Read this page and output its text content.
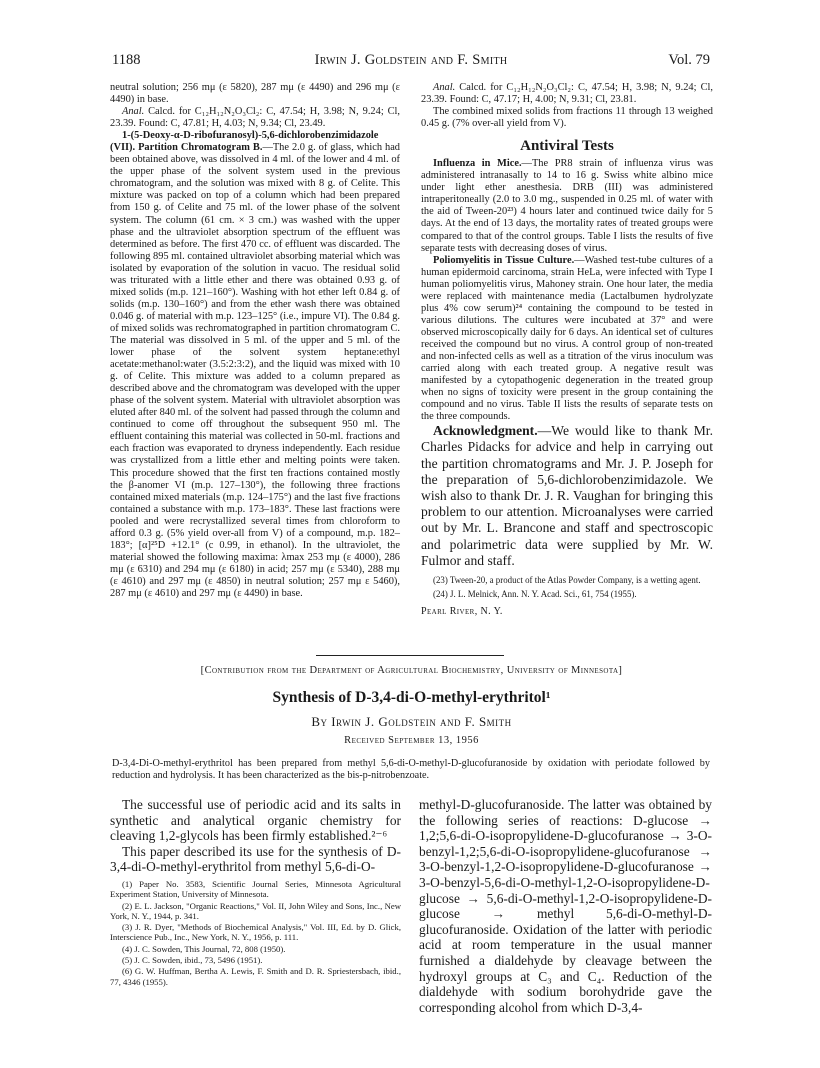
1188	Irwin J. Goldstein and F. Smith	Vol. 79

neutral solution; 256 mμ (ε 5820), 287 mμ (ε 4490) and 296 mμ (ε 4490) in base.

Anal. Calcd. for C₁₂H₁₂N₂O₃Cl₂: C, 47.54; H, 3.98; N, 9.24; Cl, 23.39. Found: C, 47.81; H, 4.03; N, 9.34; Cl, 23.49.

1-(5-Deoxy-α-D-ribofuranosyl)-5,6-dichlorobenzimidazole (VII). Partition Chromatogram B.—The 2.0 g. of glass, which had been obtained above, was dissolved in 4 ml. of the lower and 4 ml. of the upper phase of the solvent system used in the previous chromatogram, and the solution was mixed with 8 g. of Celite. This mixture was packed on top of a column which had been prepared from 150 g. of Celite and 75 ml. of the lower phase of the solvent system. The column (61 cm. × 3 cm.) was washed with the upper phase and the ultraviolet absorption spectrum of the effluent was determined as before. The first 470 cc. of effluent was discarded. The following 895 ml. contained ultraviolet absorbing material which was isolated by evaporation of the solution in vacuo. The residual solid was triturated with a little ether and there was obtained 0.93 g. of mixed solids (m.p. 121–160°). Washing with hot ether left 0.84 g. of solids (m.p. 130–160°) and from the ether wash there was obtained 0.046 g. of material with m.p. 123–125° (i.e., impure VI). The 0.84 g. of mixed solids was rechromatographed in partition chromatogram C. The material was dissolved in 5 ml. of the upper and 5 ml. of the lower phase of the solvent system heptane:ethyl acetate:methanol:water (3.5:2:3:2), and the liquid was mixed with 10 g. of Celite. This mixture was added to a column prepared as described above and the chromatogram was developed with the upper phase of the solvent system. Material with ultraviolet absorption was eluted after 840 ml. of the solvent had passed through the column and continued to come off throughout the subsequent 950 ml. The effluent containing this material was collected in 50-ml. fractions and each fraction was evaporated to dryness independently. Each residue was crystallized from a little ether and melting points were taken. This procedure showed that the first ten fractions contained mostly the β-anomer VI (m.p. 127–130°), the following three fractions contained mixed materials (m.p. 124–175°) and the last five fractions contained a substance with m.p. 173–183°. These last fractions were pooled and were recrystallized several times from chloroform to afford 0.3 g. (5% yield over-all from V) of a compound, m.p. 182–183°; [α]²⁵D +12.1° (c 0.99, in ethanol). In the ultraviolet, the material showed the following maxima: λmax 253 mμ (ε 4000), 286 mμ (ε 6310) and 294 mμ (ε 6180) in acid; 257 mμ (ε 5340), 288 mμ (ε 4610) and 297 mμ (ε 4850) in neutral solution; 257 mμ ε 5460), 287 mμ (ε 4610) and 297 mμ (ε 4490) in base.

Anal. Calcd. for C₁₂H₁₂N₂O₃Cl₂: C, 47.54; H, 3.98; N, 9.24; Cl, 23.39. Found: C, 47.17; H, 4.00; N, 9.31; Cl, 23.81.

The combined mixed solids from fractions 11 through 13 weighed 0.45 g. (7% over-all yield from V).

Antiviral Tests

Influenza in Mice.—The PR8 strain of influenza virus was administered intranasally to 14 to 16 g. Swiss white albino mice under light ether anesthesia. DRB (III) was administered intraperitoneally (2.0 to 3.0 mg., suspended in 0.25 ml. of water with the aid of Tween-20²³) 4 hours later and continued twice daily for 5 days. At the end of 13 days, the mortality rates of treated groups were compared to that of the control groups. Table I lists the results of five separate tests with decreasing doses of virus.

Poliomyelitis in Tissue Culture.—Washed test-tube cultures of a human epidermoid carcinoma, strain HeLa, were infected with Type I human poliomyelitis virus, Mahoney strain. One hour later, the media were replaced with maintenance media (Lactalbumen hydrolyzate plus 4% cow serum)²⁴ containing the compound to be tested in various dilutions. The cultures were incubated at 37° and were observed microscopically daily for 6 days. An identical set of cultures received the compound but no virus. A control group of non-treated and non-infected cells as well as a titration of the virus inoculum was carried along with each treated group. A negative result was manifested by a cytopathogenic degeneration in the treated group when no signs of toxicity were present in the group containing the compound and no virus. Table II lists the results of separate tests on the three compounds.

Acknowledgment.—We would like to thank Mr. Charles Pidacks for advice and help in carrying out the partition chromatograms and Mr. J. P. Joseph for the preparation of 5,6-dichlorobenzimidazole. We wish also to thank Dr. J. R. Vaughan for bringing this problem to our attention. Microanalyses were carried out by Mr. L. Brancone and staff and spectroscopic and polarimetric data were supplied by Mr. W. Fulmor and staff.

(23) Tween-20, a product of the Atlas Powder Company, is a wetting agent.

(24) J. L. Melnick, Ann. N. Y. Acad. Sci., 61, 754 (1955).

Pearl River, N. Y.
[Contribution from the Department of Agricultural Biochemistry, University of Minnesota]
Synthesis of D-3,4-di-O-methyl-erythritol¹
By Irwin J. Goldstein and F. Smith
Received September 13, 1956
D-3,4-Di-O-methyl-erythritol has been prepared from methyl 5,6-di-O-methyl-D-glucofuranoside by oxidation with periodate followed by reduction and hydrolysis. It has been characterized as the bis-p-nitrobenzoate.

The successful use of periodic acid and its salts in synthetic and analytical organic chemistry for cleaving 1,2-glycols has been firmly established.²⁻⁶

This paper described its use for the synthesis of D-3,4-di-O-methyl-erythritol from methyl 5,6-di-O-

(1) Paper No. 3583, Scientific Journal Series, Minnesota Agricultural Experiment Station, University of Minnesota.

(2) E. L. Jackson, "Organic Reactions," Vol. II, John Wiley and Sons, Inc., New York, N. Y., 1944, p. 341.

(3) J. R. Dyer, "Methods of Biochemical Analysis," Vol. III, Ed. by D. Glick, Interscience Pub., Inc., New York, N. Y., 1956, p. 111.

(4) J. C. Sowden, This Journal, 72, 808 (1950).

(5) J. C. Sowden, ibid., 73, 5496 (1951).

(6) G. W. Huffman, Bertha A. Lewis, F. Smith and D. R. Spriestersbach, ibid., 77, 4346 (1955).

methyl-D-glucofuranoside. The latter was obtained by the following series of reactions: D-glucose → 1,2;5,6-di-O-isopropylidene-D-glucofuranose → 3-O-benzyl-1,2;5,6-di-O-isopropylidene-glucofuranose → 3-O-benzyl-1,2-O-isopropylidene-D-glucofuranose → 3-O-benzyl-5,6-di-O-methyl-1,2-O-isopropylidene-D-glucose → 5,6-di-O-methyl-1,2-O-isopropylidene-D-glucose → methyl 5,6-di-O-methyl-D-glucofuranoside. Oxidation of the latter with periodic acid at room temperature in the usual manner furnished a dialdehyde by cleavage between the hydroxyl groups at C₃ and C₄. Reduction of the dialdehyde with sodium borohydride gave the corresponding alcohol from which D-3,4-
